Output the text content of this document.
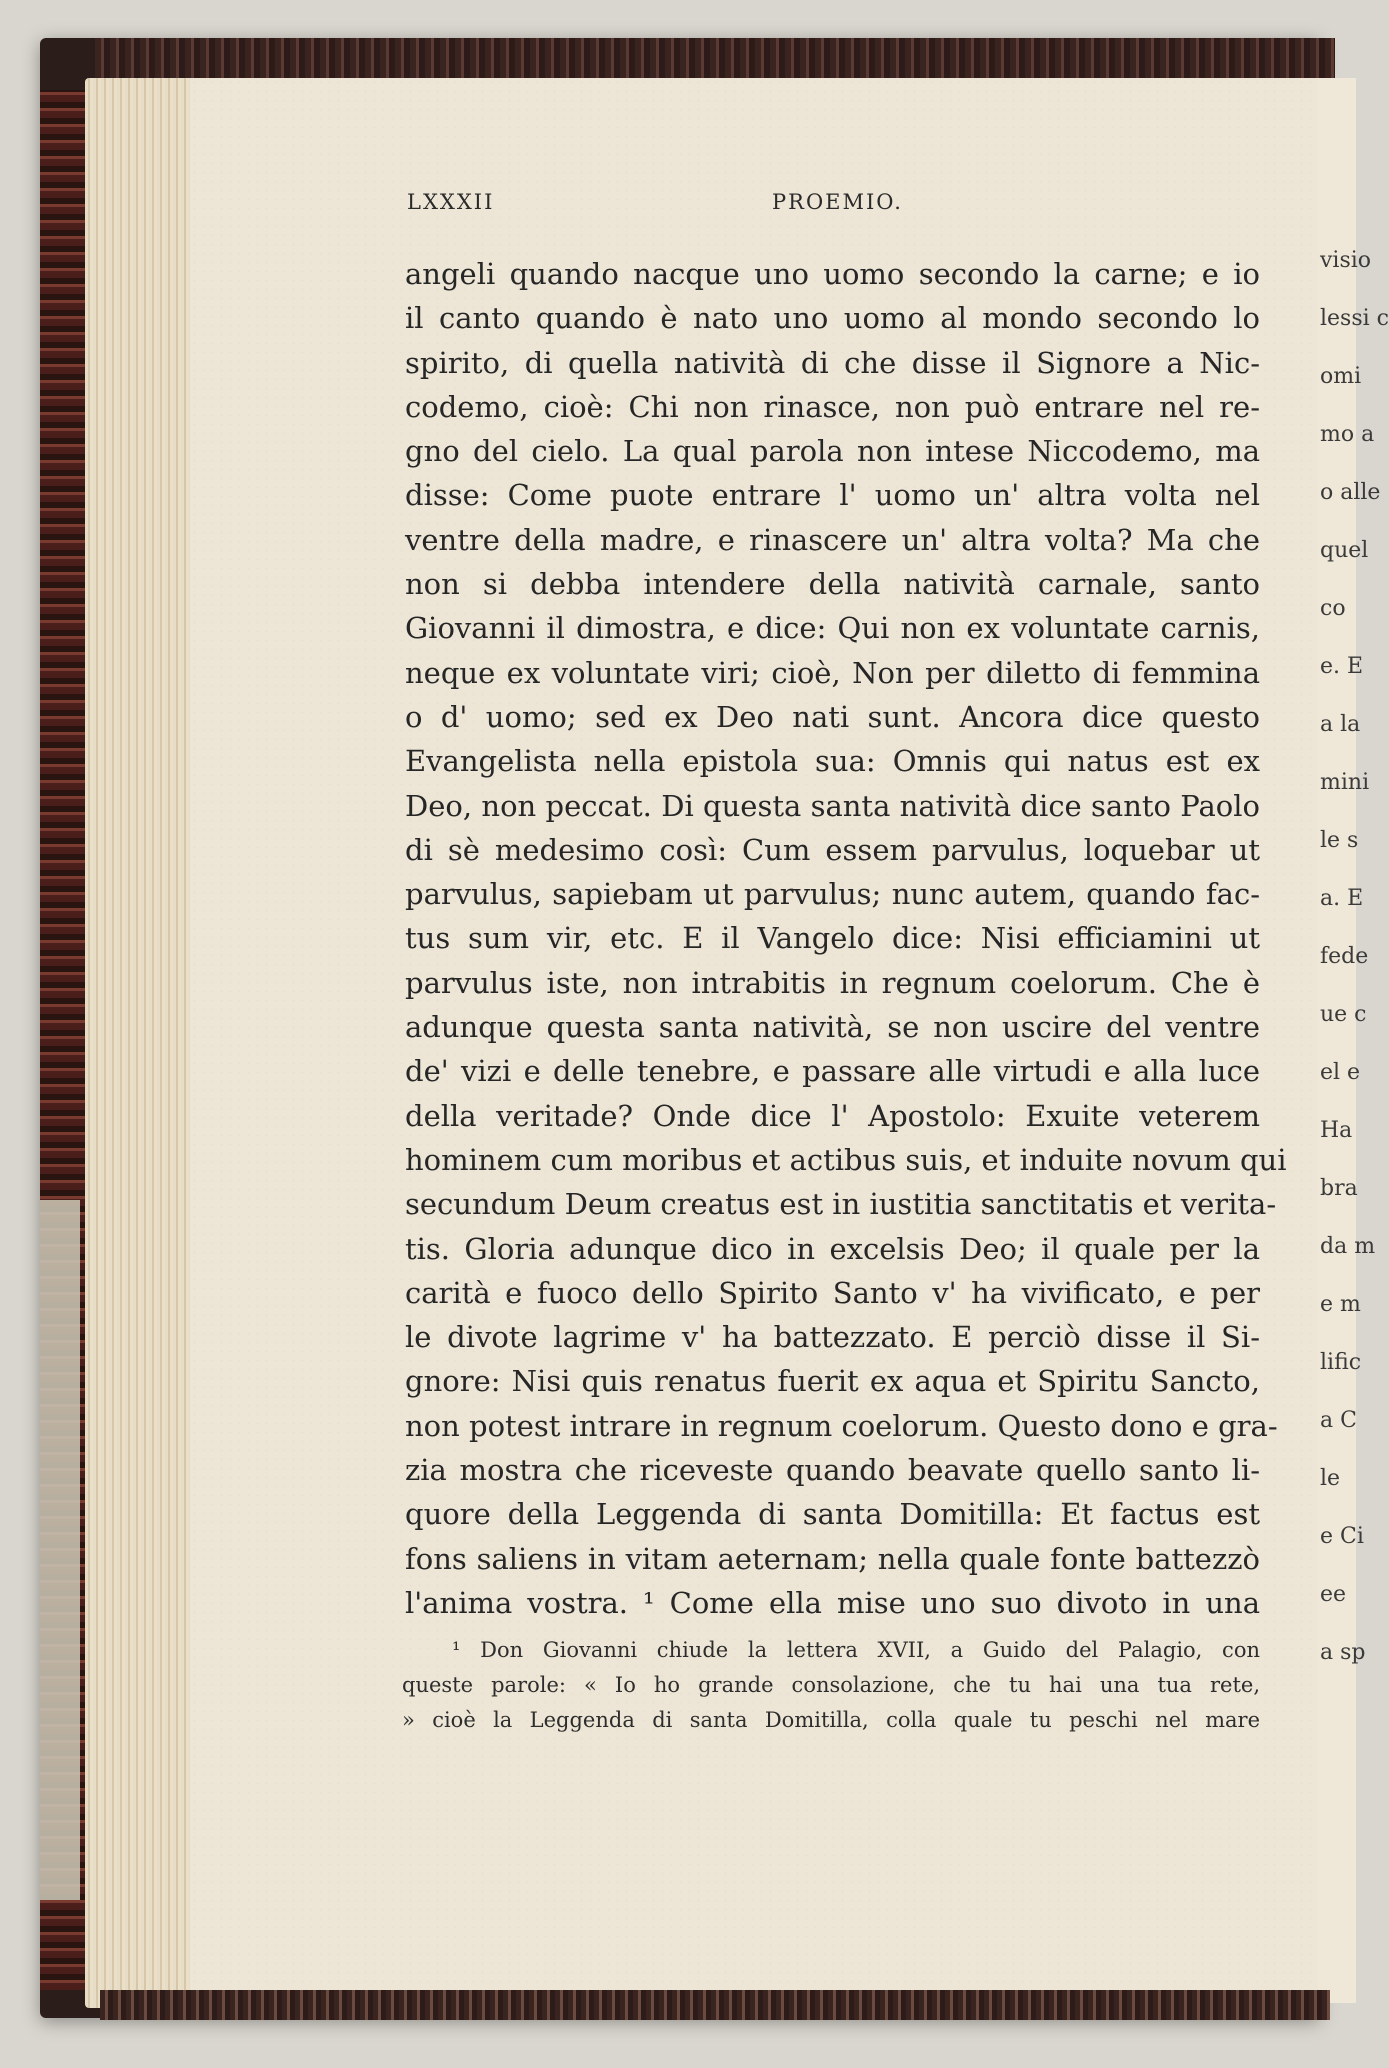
visio
lessi c
omi
mo a
o alle
quel
co
e. E
a la
mini
le s
a. E
fede
ue c
el e
Ha
bra
da m
e m
lific
a C
le
e Ci
ee
a sp
LXXXII	PROEMIO.
angeli quando nacque uno uomo secondo la carne; e io
il canto quando è nato uno uomo al mondo secondo lo
spirito, di quella natività di che disse il Signore a Nic-
codemo, cioè: Chi non rinasce, non può entrare nel re-
gno del cielo. La qual parola non intese Niccodemo, ma
disse: Come puote entrare l' uomo un' altra volta nel
ventre della madre, e rinascere un' altra volta? Ma che
non si debba intendere della natività carnale, santo
Giovanni il dimostra, e dice: Qui non ex voluntate carnis,
neque ex voluntate viri; cioè, Non per diletto di femmina
o d' uomo; sed ex Deo nati sunt. Ancora dice questo
Evangelista nella epistola sua: Omnis qui natus est ex
Deo, non peccat. Di questa santa natività dice santo Paolo
di sè medesimo così: Cum essem parvulus, loquebar ut
parvulus, sapiebam ut parvulus; nunc autem, quando fac-
tus sum vir, etc. E il Vangelo dice: Nisi efficiamini ut
parvulus iste, non intrabitis in regnum coelorum. Che è
adunque questa santa natività, se non uscire del ventre
de' vizi e delle tenebre, e passare alle virtudi e alla luce
della veritade? Onde dice l' Apostolo: Exuite veterem
hominem cum moribus et actibus suis, et induite novum qui
secundum Deum creatus est in iustitia sanctitatis et verita-
tis. Gloria adunque dico in excelsis Deo; il quale per la
carità e fuoco dello Spirito Santo v' ha vivificato, e per
le divote lagrime v' ha battezzato. E perciò disse il Si-
gnore: Nisi quis renatus fuerit ex aqua et Spiritu Sancto,
non potest intrare in regnum coelorum. Questo dono e gra-
zia mostra che riceveste quando beavate quello santo li-
quore della Leggenda di santa Domitilla: Et factus est
fons saliens in vitam aeternam; nella quale fonte battezzò
l'anima vostra. ¹ Come ella mise uno suo divoto in una
¹ Don Giovanni chiude la lettera XVII, a Guido del Palagio, con
queste parole: « Io ho grande consolazione, che tu hai una tua rete,
» cioè la Leggenda di santa Domitilla, colla quale tu peschi nel mare
